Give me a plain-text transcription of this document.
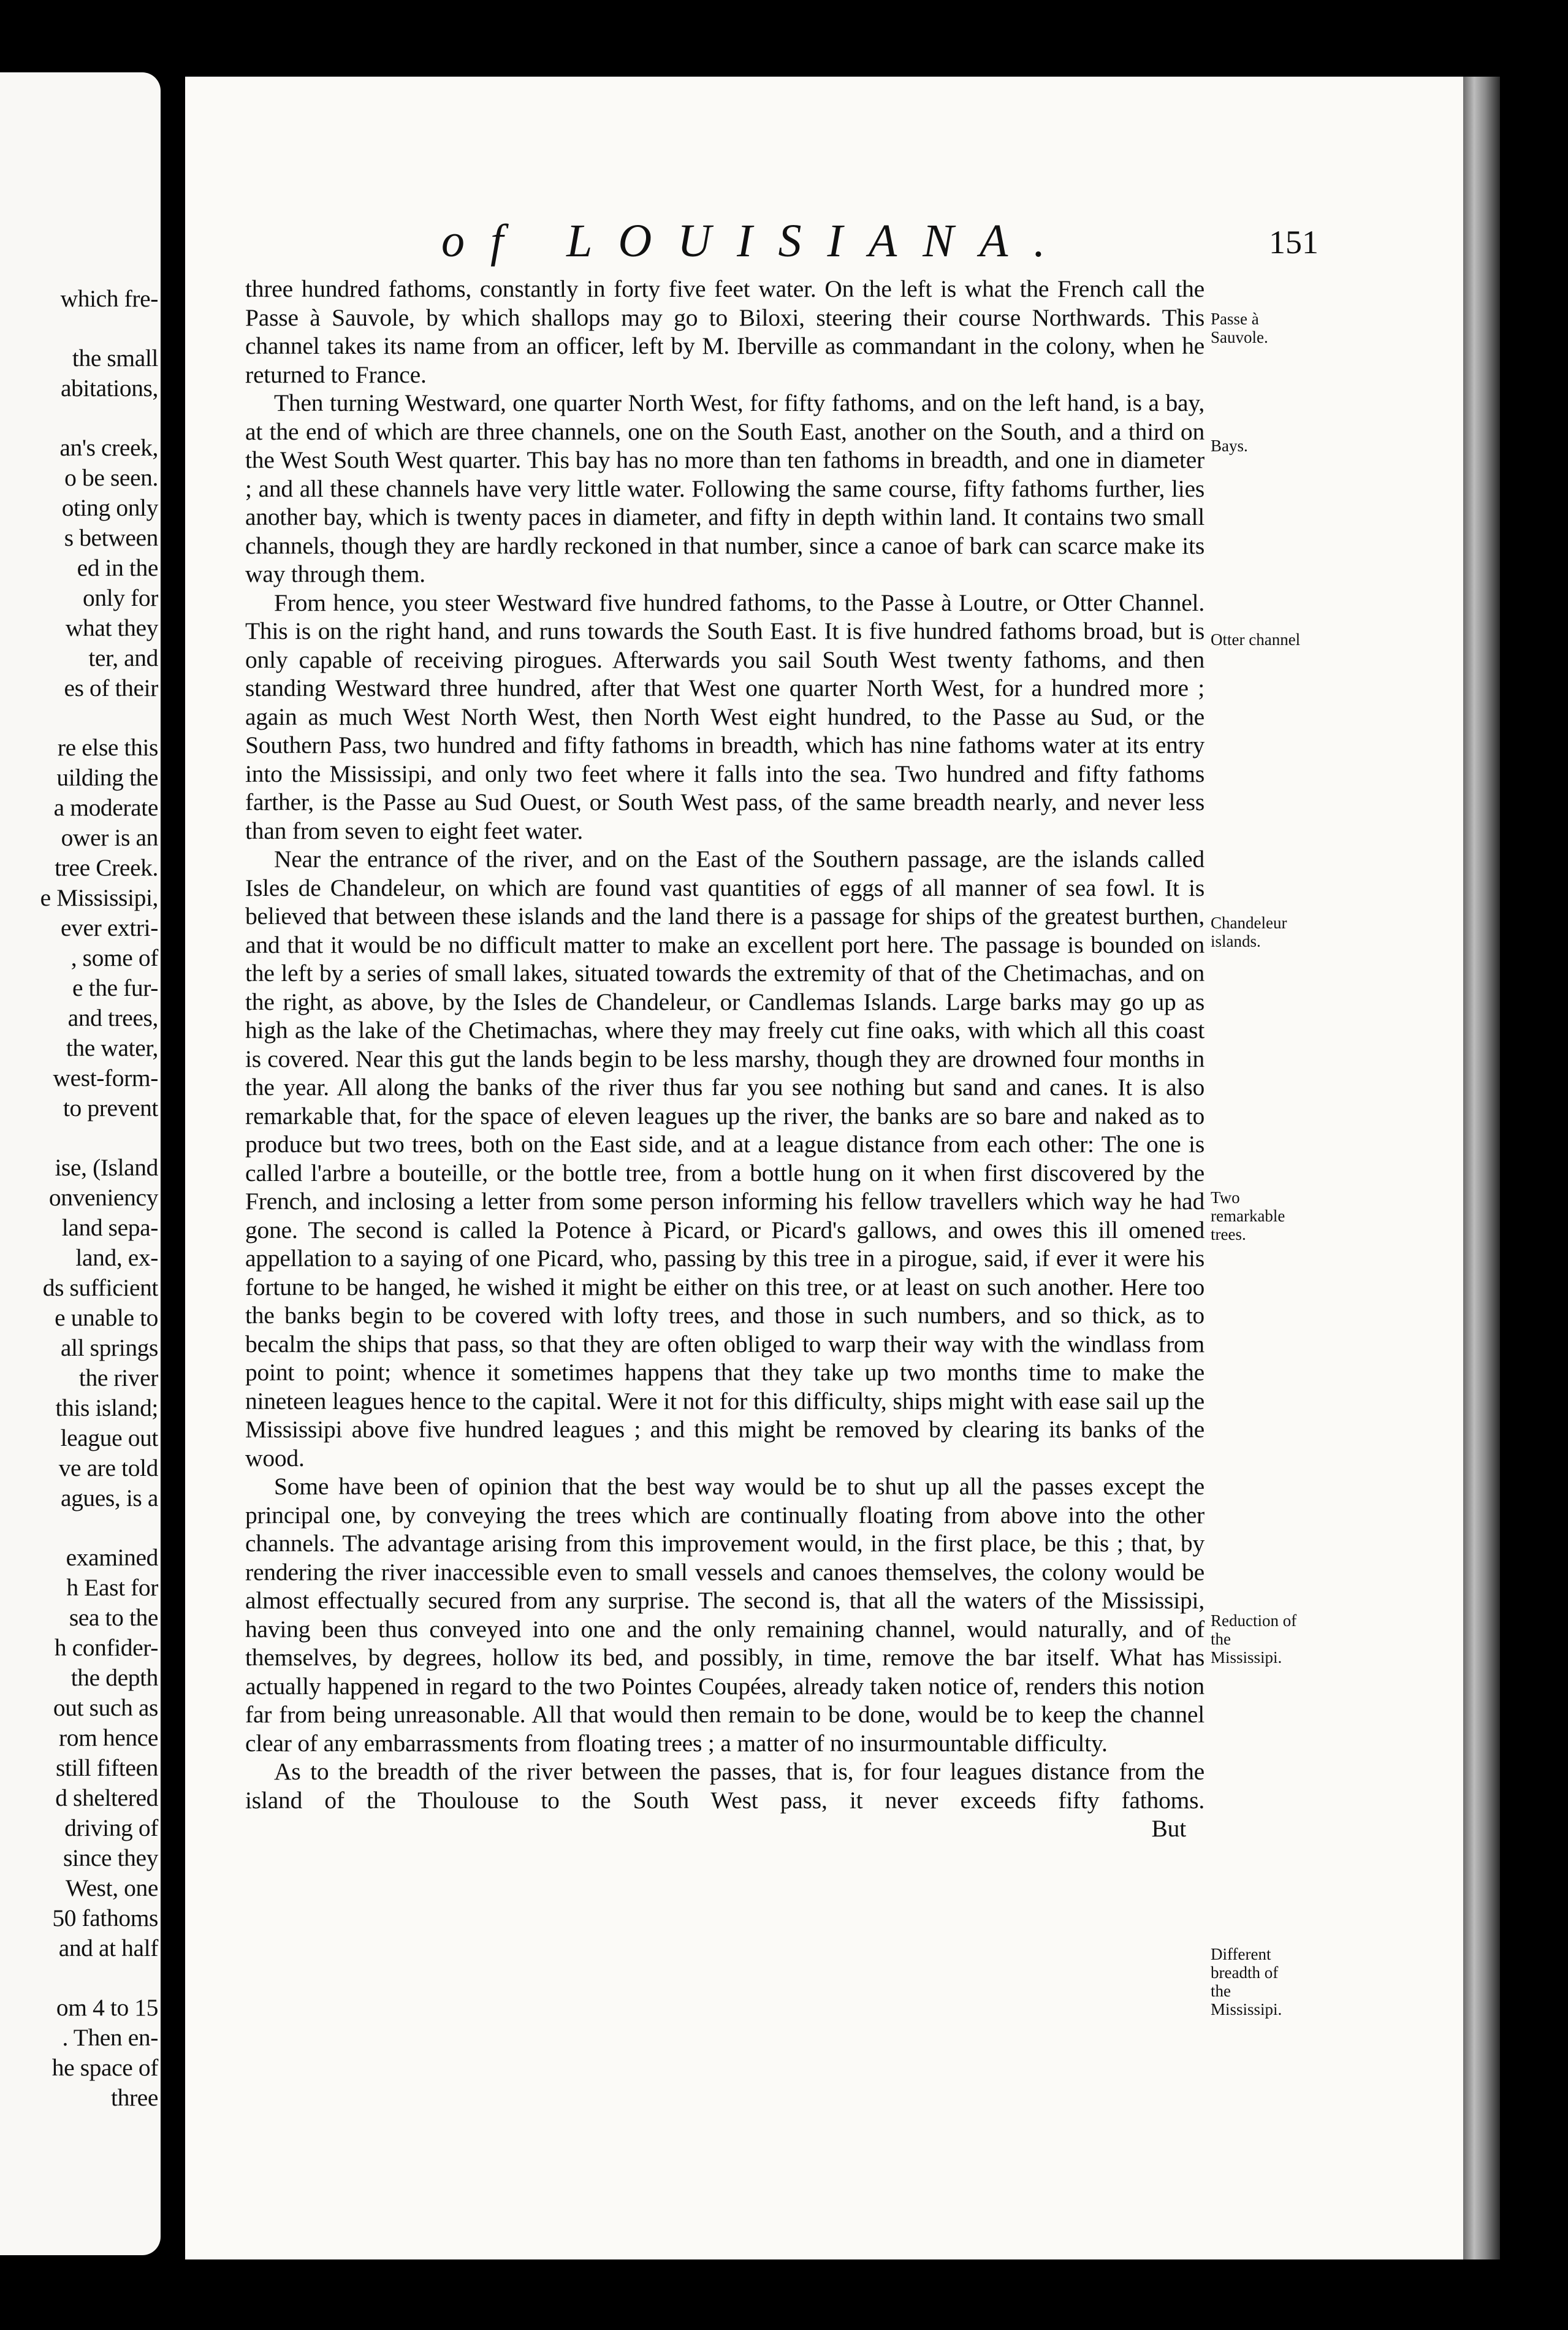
which fre-
the small
abitations,
an's creek,
o be seen.
oting only
s between
ed in the
only for
what they
ter, and
es of their
re else this
uilding the
a moderate
ower is an
tree Creek.
e Mississipi,
ever extri-
, some of
e the fur-
and trees,
the water,
west-form-
to prevent
ise, (Island
onveniency
land sepa-
land, ex-
ds sufficient
e unable to
all springs
the river
this island;
league out
ve are told
agues, is a
examined
h East for
sea to the
h confider-
the depth
out such as
rom hence
still fifteen
d sheltered
driving of
since they
West, one
50 fathoms
and at half
om 4 to 15
. Then en-
he space of
three
of LOUISIANA.	151

three hundred fathoms, constantly in forty five feet water. On the left is what the French call the Passe à Sauvole, by which shallops may go to Biloxi, steering their course Northwards. This channel takes its name from an officer, left by M. Iberville as commandant in the colony, when he returned to France.

Then turning Westward, one quarter North West, for fifty fathoms, and on the left hand, is a bay, at the end of which are three channels, one on the South East, another on the South, and a third on the West South West quarter. This bay has no more than ten fathoms in breadth, and one in diameter ; and all these channels have very little water. Following the same course, fifty fathoms further, lies another bay, which is twenty paces in diameter, and fifty in depth within land. It contains two small channels, though they are hardly reckoned in that number, since a canoe of bark can scarce make its way through them.

From hence, you steer Westward five hundred fathoms, to the Passe à Loutre, or Otter Channel. This is on the right hand, and runs towards the South East. It is five hundred fathoms broad, but is only capable of receiving pirogues. Afterwards you sail South West twenty fathoms, and then standing Westward three hundred, after that West one quarter North West, for a hundred more ; again as much West North West, then North West eight hundred, to the Passe au Sud, or the Southern Pass, two hundred and fifty fathoms in breadth, which has nine fathoms water at its entry into the Mississipi, and only two feet where it falls into the sea. Two hundred and fifty fathoms farther, is the Passe au Sud Ouest, or South West pass, of the same breadth nearly, and never less than from seven to eight feet water.

Near the entrance of the river, and on the East of the Southern passage, are the islands called Isles de Chandeleur, on which are found vast quantities of eggs of all manner of sea fowl. It is believed that between these islands and the land there is a passage for ships of the greatest burthen, and that it would be no difficult matter to make an excellent port here. The passage is bounded on the left by a series of small lakes, situated towards the extremity of that of the Chetimachas, and on the right, as above, by the Isles de Chandeleur, or Candlemas Islands. Large barks may go up as high as the lake of the Chetimachas, where they may freely cut fine oaks, with which all this coast is covered. Near this gut the lands begin to be less marshy, though they are drowned four months in the year. All along the banks of the river thus far you see nothing but sand and canes. It is also remarkable that, for the space of eleven leagues up the river, the banks are so bare and naked as to produce but two trees, both on the East side, and at a league distance from each other: The one is called l'arbre a bouteille, or the bottle tree, from a bottle hung on it when first discovered by the French, and inclosing a letter from some person informing his fellow travellers which way he had gone. The second is called la Potence à Picard, or Picard's gallows, and owes this ill omened appellation to a saying of one Picard, who, passing by this tree in a pirogue, said, if ever it were his fortune to be hanged, he wished it might be either on this tree, or at least on such another. Here too the banks begin to be covered with lofty trees, and those in such numbers, and so thick, as to becalm the ships that pass, so that they are often obliged to warp their way with the windlass from point to point; whence it sometimes happens that they take up two months time to make the nineteen leagues hence to the capital. Were it not for this difficulty, ships might with ease sail up the Mississipi above five hundred leagues ; and this might be removed by clearing its banks of the wood.

Some have been of opinion that the best way would be to shut up all the passes except the principal one, by conveying the trees which are continually floating from above into the other channels. The advantage arising from this improvement would, in the first place, be this ; that, by rendering the river inaccessible even to small vessels and canoes themselves, the colony would be almost effectually secured from any surprise. The second is, that all the waters of the Mississipi, having been thus conveyed into one and the only remaining channel, would naturally, and of themselves, by degrees, hollow its bed, and possibly, in time, remove the bar itself. What has actually happened in regard to the two Pointes Coupées, already taken notice of, renders this notion far from being unreasonable. All that would then remain to be done, would be to keep the channel clear of any embarrassments from floating trees ; a matter of no insurmountable difficulty.

As to the breadth of the river between the passes, that is, for four leagues distance from the island of the Thoulouse to the South West pass, it never exceeds fifty fathoms.

But

Passe à Sauvole.
Bays.
Otter channel
Chandeleur islands.
Two remarkable trees.
Reduction of the Mississipi.
Different breadth of the Mississipi.
